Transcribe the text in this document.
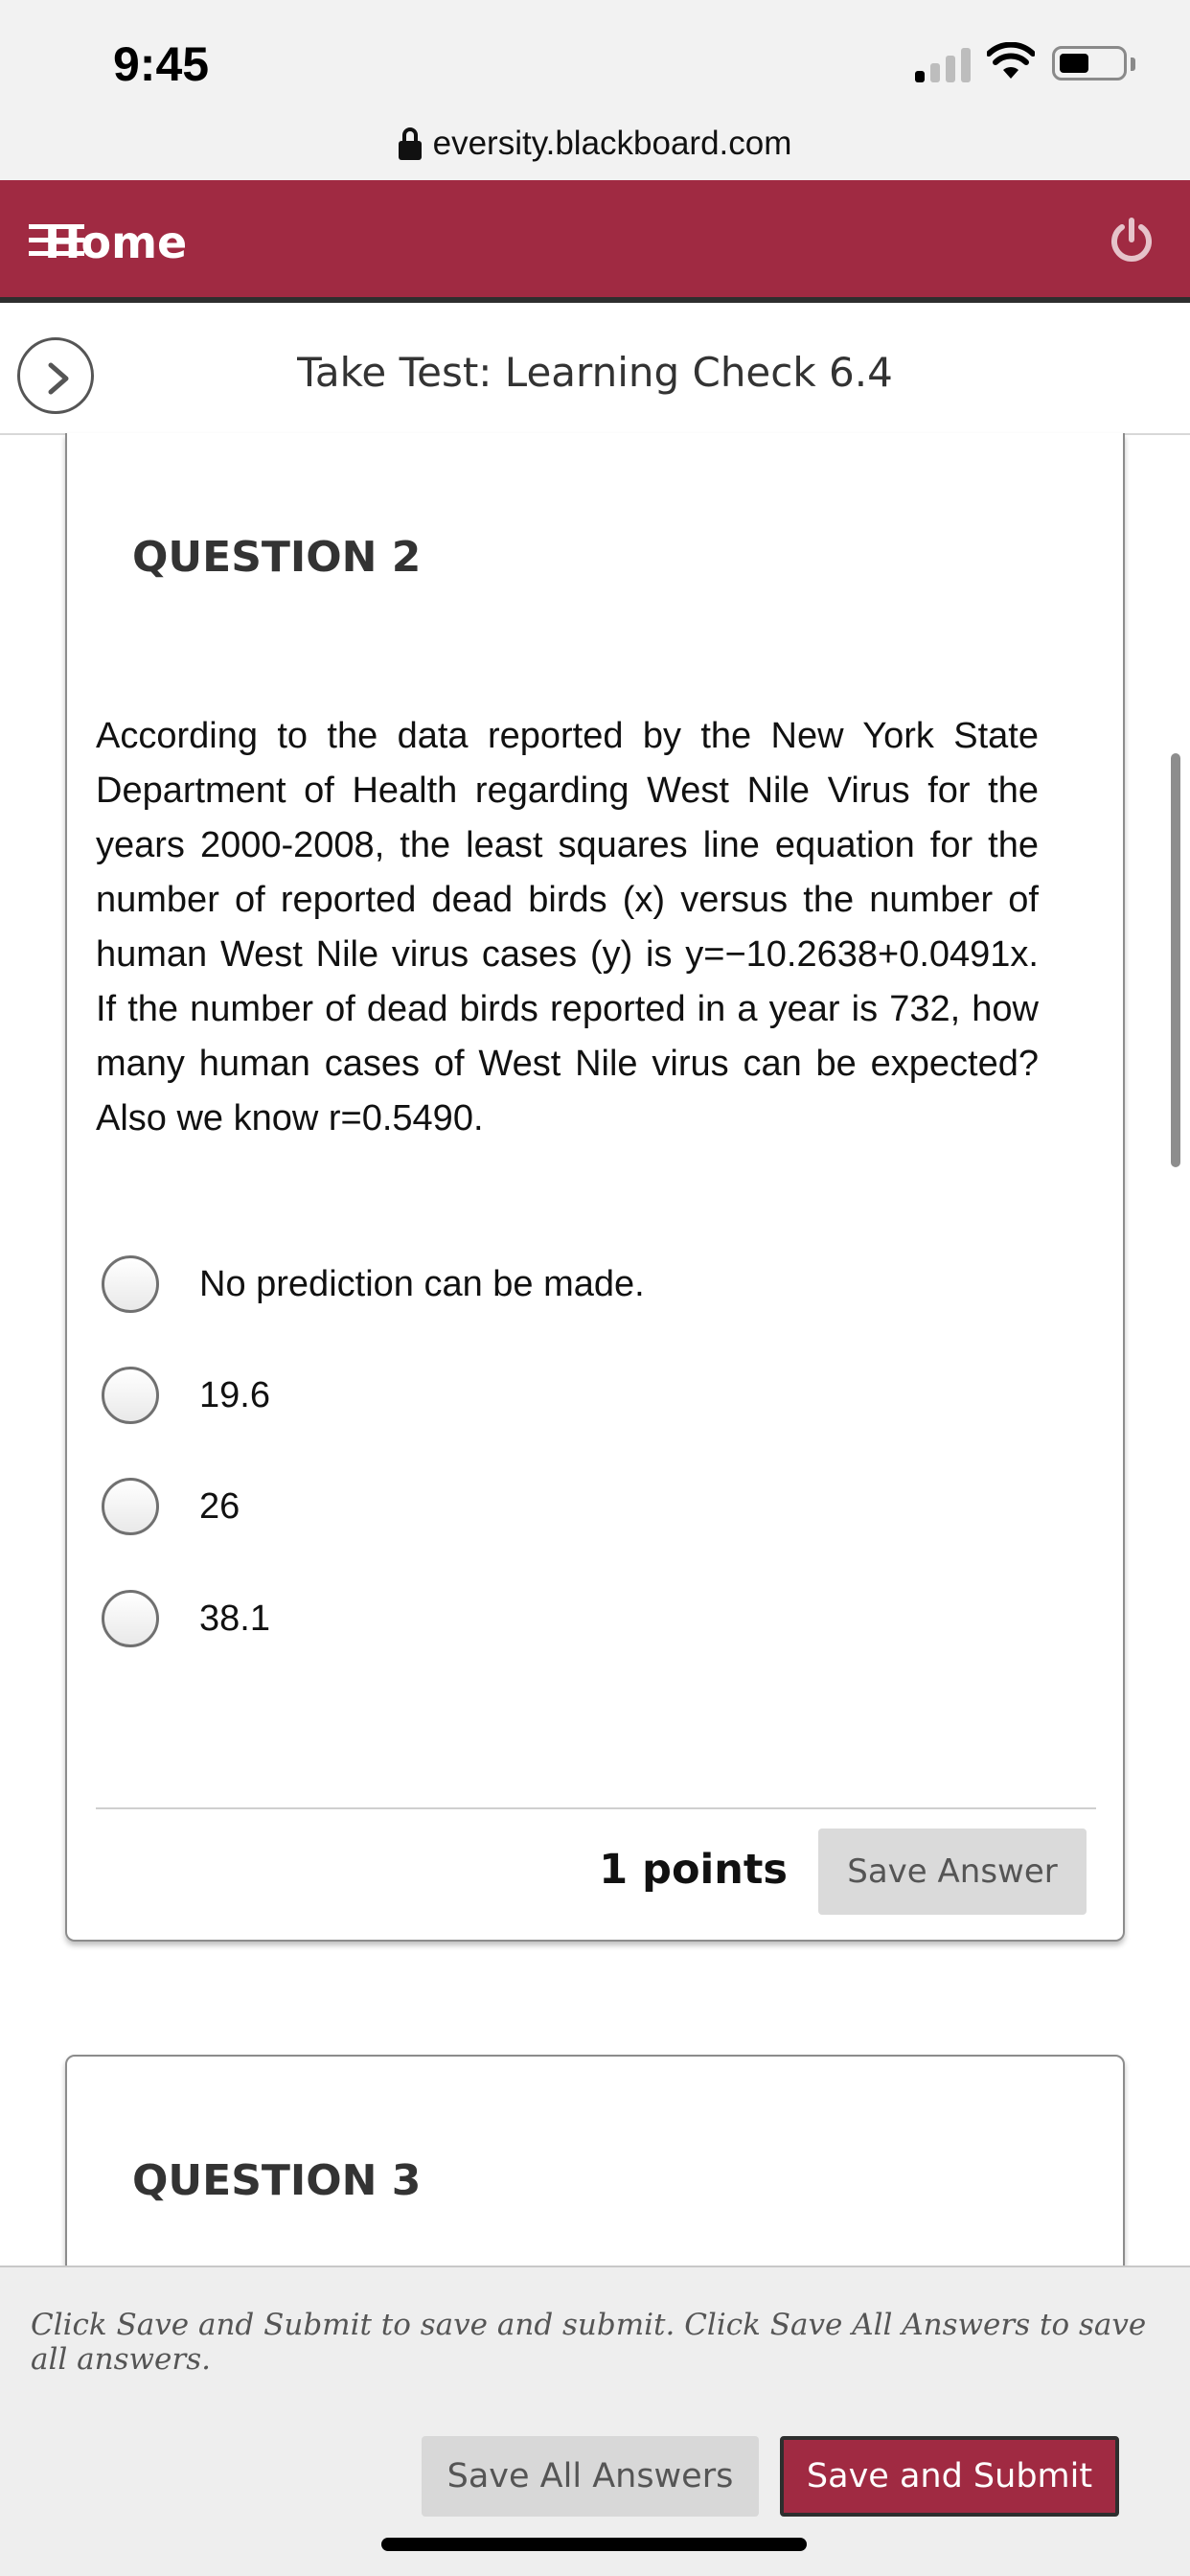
9:45
eversity.blackboard.com
Home
Take Test: Learning Check 6.4
QUESTION 2
According to the data reported by the New York State Department of Health regarding West Nile Virus for the years 2000-2008, the least squares line equation for the number of reported dead birds (x) versus the number of human West Nile virus cases (y) is y=−10.2638+0.0491x. If the number of dead birds reported in a year is 732, how many human cases of West Nile virus can be expected? Also we know r=0.5490.
No prediction can be made.
19.6
26
38.1
1 points	Save Answer
QUESTION 3
Click Save and Submit to save and submit. Click Save All Answers to save all answers.
Save All Answers	Save and Submit
